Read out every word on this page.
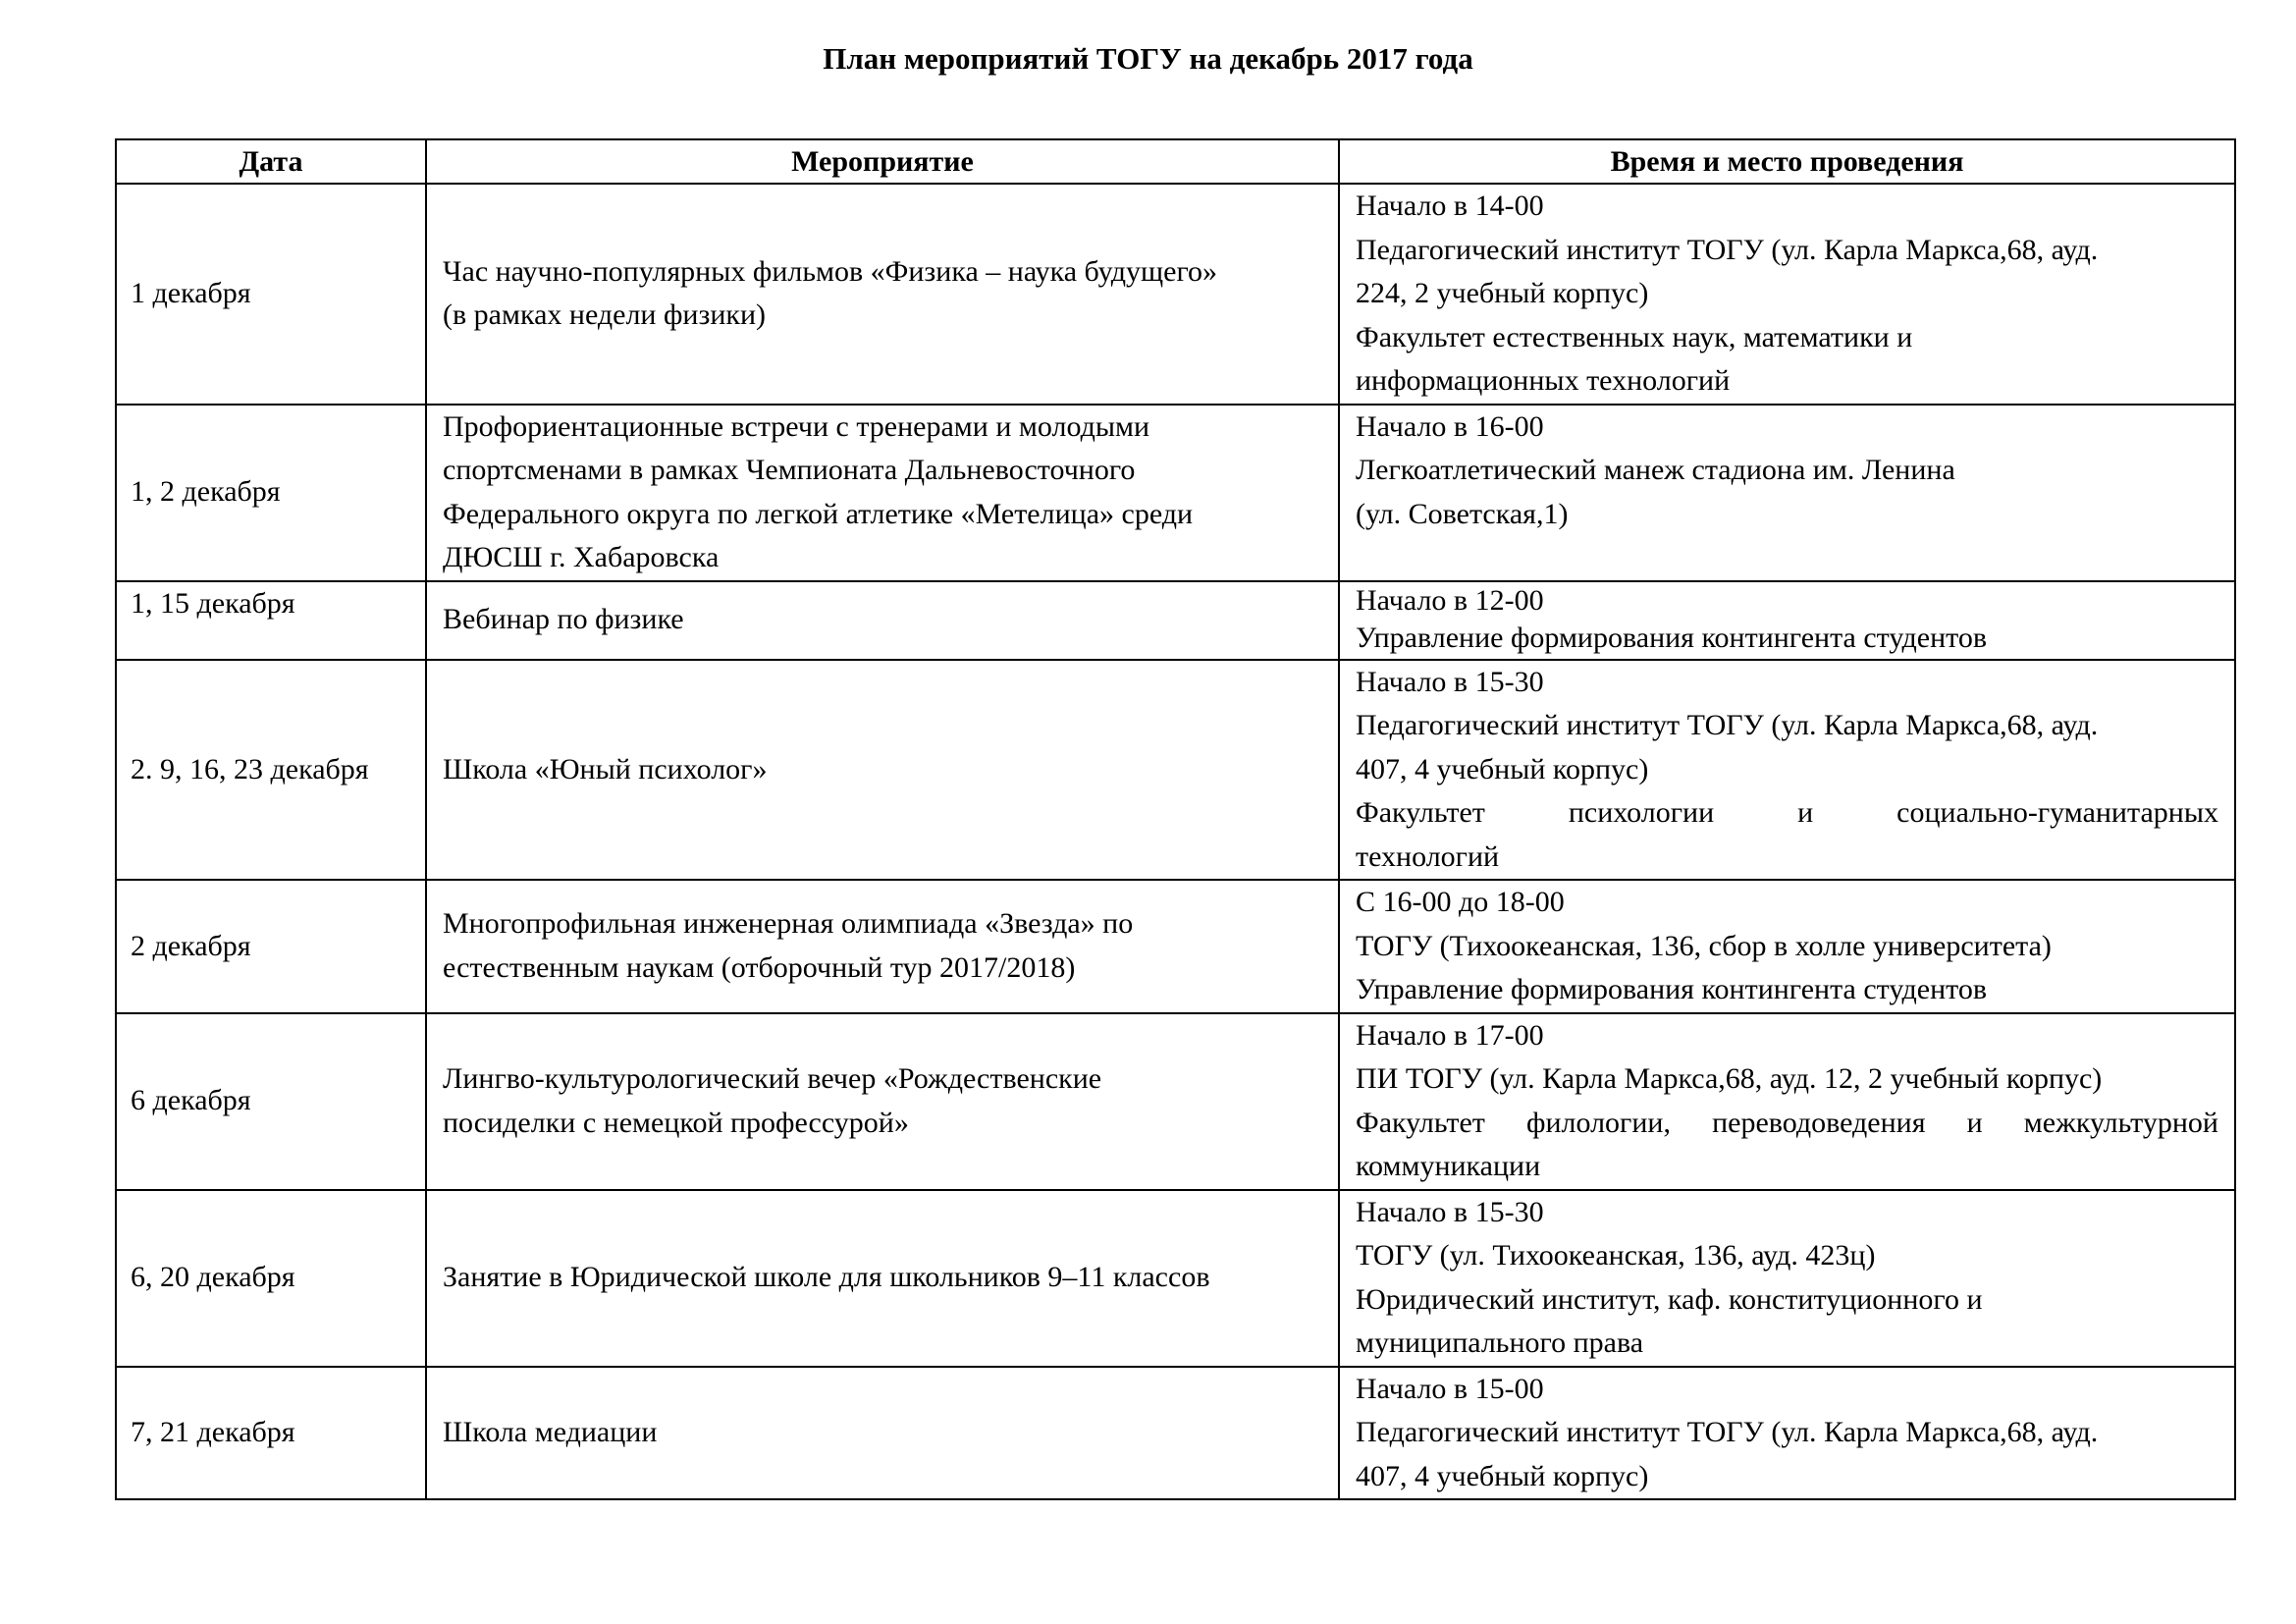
План мероприятий ТОГУ на декабрь 2017 года
Дата	Мероприятие	Время и место проведения
1 декабря	Час научно-популярных фильмов «Физика – наука будущего»
(в рамках недели физики)	Начало в 14-00
Педагогический институт ТОГУ (ул. Карла Маркса,68, ауд.
224, 2 учебный корпус)
Факультет естественных наук, математики и
информационных технологий

1, 2 декабря	Профориентационные встречи с тренерами и молодыми
спортсменами в рамках Чемпионата Дальневосточного
Федерального округа по легкой атлетике «Метелица» среди
ДЮСШ г. Хабаровска	Начало в 16-00
Легкоатлетический манеж стадиона им. Ленина
(ул. Советская,1)

1, 15 декабря	Вебинар по физике	Начало в 12-00
Управление формирования контингента студентов

2. 9, 16, 23 декабря	Школа «Юный психолог»	Начало в 15-30
Педагогический институт ТОГУ (ул. Карла Маркса,68, ауд.
407, 4 учебный корпус)
Факультет психологии и социально-гуманитарных
технологий

2 декабря	Многопрофильная инженерная олимпиада «Звезда» по
естественным наукам (отборочный тур 2017/2018)	С 16-00 до 18-00
ТОГУ (Тихоокеанская, 136, сбор в холле университета)
Управление формирования контингента студентов

6 декабря	Лингво-культурологический вечер «Рождественские
посиделки с немецкой профессурой»	Начало в 17-00
ПИ ТОГУ (ул. Карла Маркса,68, ауд. 12, 2 учебный корпус)
Факультет филологии, переводоведения и межкультурной
коммуникации

6, 20 декабря	Занятие в Юридической школе для школьников 9–11 классов	Начало в 15-30
ТОГУ (ул. Тихоокеанская, 136, ауд. 423ц)
Юридический институт, каф. конституционного и
муниципального права

7, 21 декабря	Школа медиации	Начало в 15-00
Педагогический институт ТОГУ (ул. Карла Маркса,68, ауд.
407, 4 учебный корпус)
